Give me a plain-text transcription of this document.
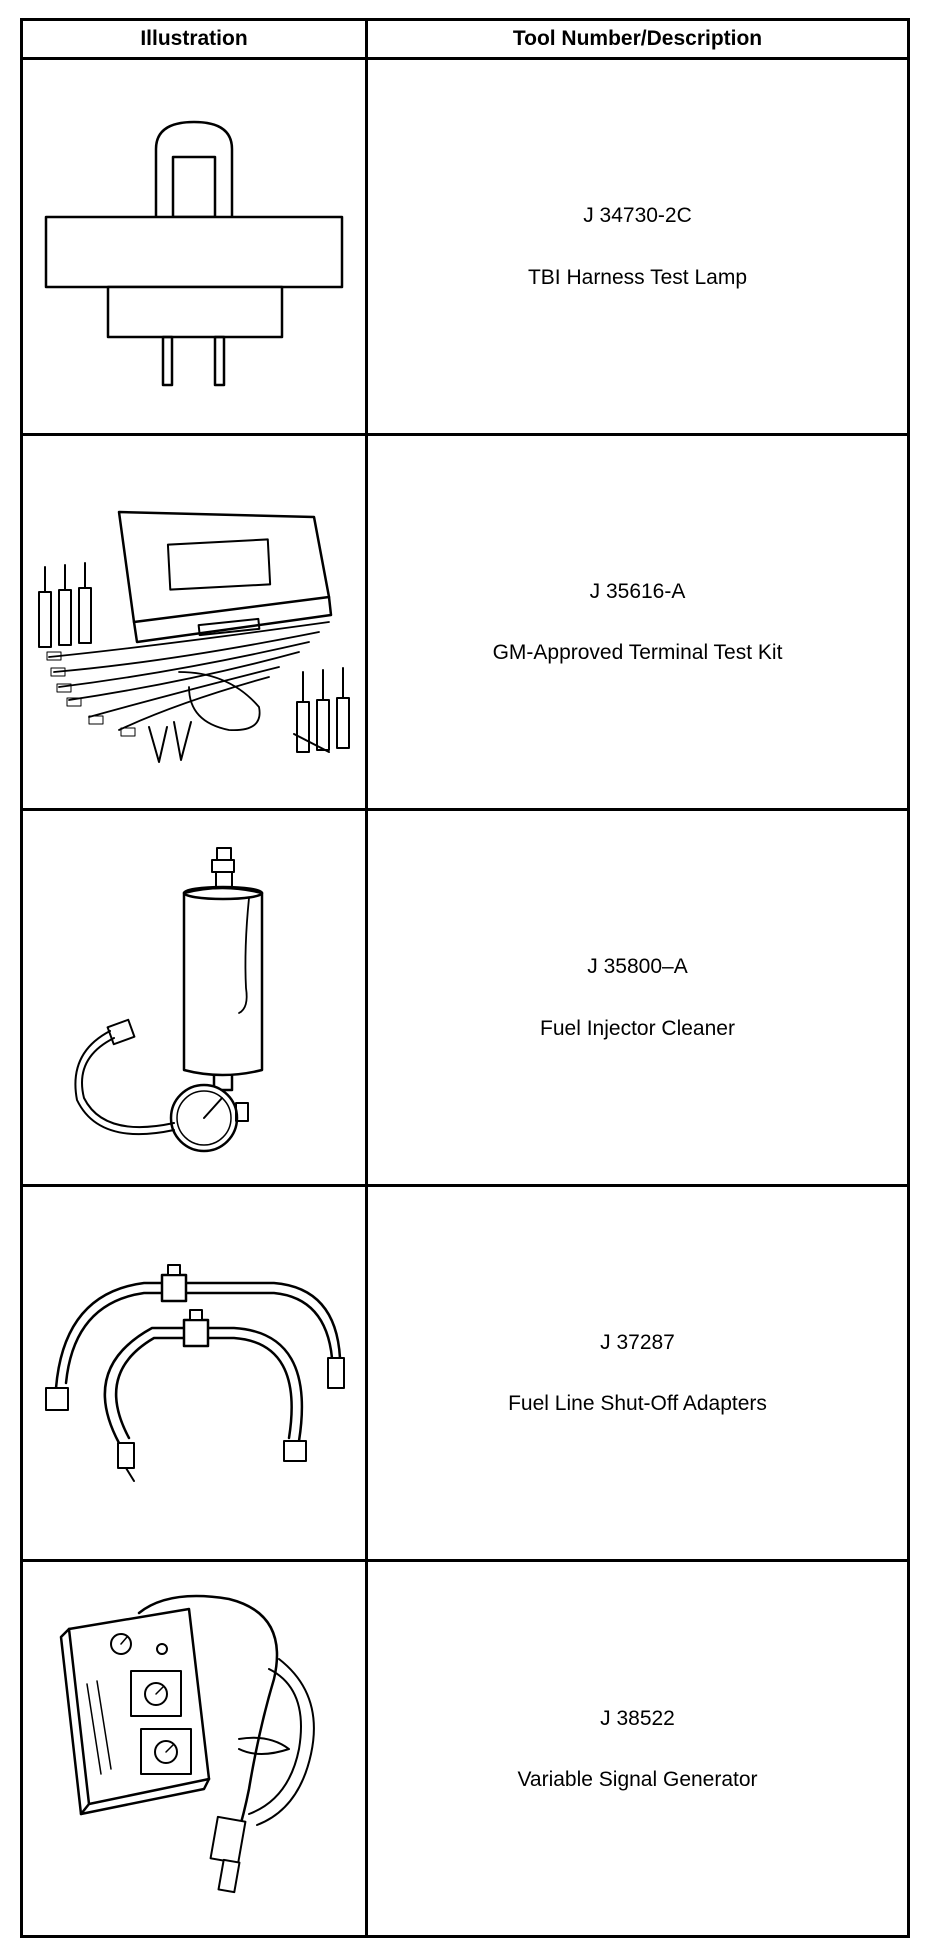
Illustration	Tool Number/Description

J 34730-2C
TBI Harness Test Lamp

J 35616-A
GM-Approved Terminal Test Kit

J 35800–A
Fuel Injector Cleaner

J 37287
Fuel Line Shut-Off Adapters

J 38522
Variable Signal Generator
